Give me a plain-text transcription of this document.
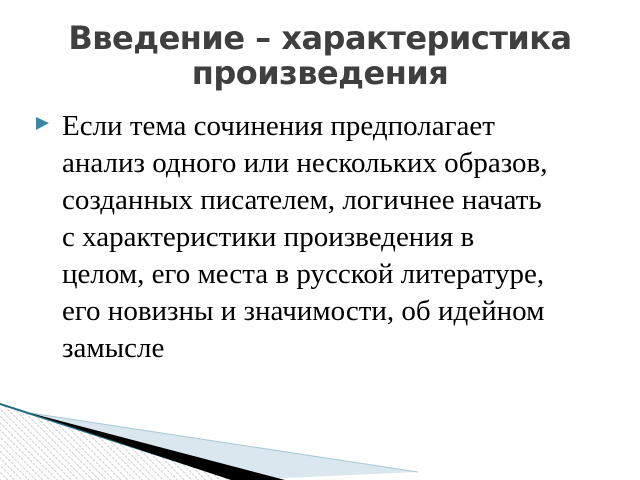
Введение – характеристика
произведения
Если тема сочинения предполагает
анализ одного или нескольких образов,
созданных писателем, логичнее начать
с характеристики произведения в
целом, его места в русской литературе,
его новизны и значимости, об идейном
замысле
